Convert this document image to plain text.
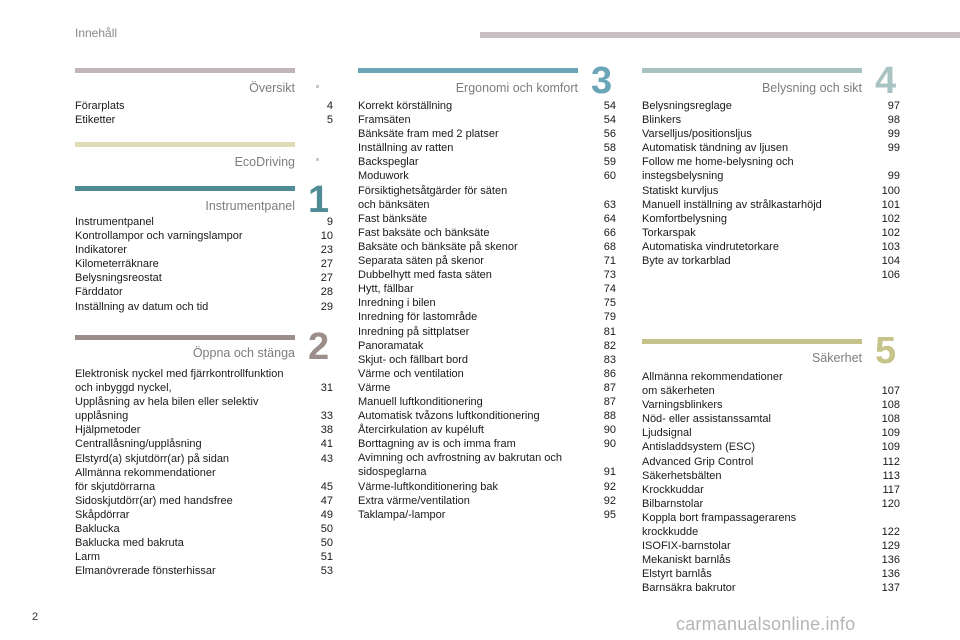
Innehåll
Översikt
Förarplats	4
Etiketter	5
EcoDriving
Instrumentpanel 1
Instrumentpanel	9
Kontrollampor och varningslampor	10
Indikatorer	23
Kilometerräknare	27
Belysningsreostat	27
Färddator	28
Inställning av datum och tid	29
Öppna och stänga 2
Elektronisk nyckel med fjärrkontrollfunktion
och inbyggd nyckel,	31
Upplåsning av hela bilen eller selektiv
upplåsning	33
Hjälpmetoder	38
Centrallåsning/upplåsning	41
Elstyrd(a) skjutdörr(ar) på sidan	43
Allmänna rekommendationer
för skjutdörrarna	45
Sidoskjutdörr(ar) med handsfree	47
Skåpdörrar	49
Baklucka	50
Baklucka med bakruta	50
Larm	51
Elmanövrerade fönsterhissar	53
Ergonomi och komfort 3
Korrekt körställning	54
Framsäten	54
Bänksäte fram med 2 platser	56
Inställning av ratten	58
Backspeglar	59
Moduwork	60
Försiktighetsåtgärder för säten
och bänksäten	63
Fast bänksäte	64
Fast baksäte och bänksäte	66
Baksäte och bänksäte på skenor	68
Separata säten på skenor	71
Dubbelhytt med fasta säten	73
Hytt, fällbar	74
Inredning i bilen	75
Inredning för lastområde	79
Inredning på sittplatser	81
Panoramatak	82
Skjut- och fällbart bord	83
Värme och ventilation	86
Värme	87
Manuell luftkonditionering	87
Automatisk tvåzons luftkonditionering	88
Återcirkulation av kupéluft	90
Borttagning av is och imma fram	90
Avimning och avfrostning av bakrutan och
sidospeglarna	91
Värme-luftkonditionering bak	92
Extra värme/ventilation	92
Taklampa/-lampor	95
Belysning och sikt 4
Belysningsreglage	97
Blinkers	98
Varselljus/positionsljus	99
Automatisk tändning av ljusen	99
Follow me home-belysning och
instegsbelysning	99
Statiskt kurvljus	100
Manuell inställning av strålkastarhöjd	101
Komfortbelysning	102
Torkarspak	102
Automatiska vindrutetorkare	103
Byte av torkarblad	104
106
Säkerhet 5
Allmänna rekommendationer
om säkerheten	107
Varningsblinkers	108
Nöd- eller assistanssamtal	108
Ljudsignal	109
Antisladdsystem (ESC)	109
Advanced Grip Control	112
Säkerhetsbälten	113
Krockkuddar	117
Bilbarnstolar	120
Koppla bort frampassagerarens
krockkudde	122
ISOFIX-barnstolar	129
Mekaniskt barnlås	136
Elstyrt barnlås	136
Barnsäkra bakrutor	137
2	carmanualsonline.info
